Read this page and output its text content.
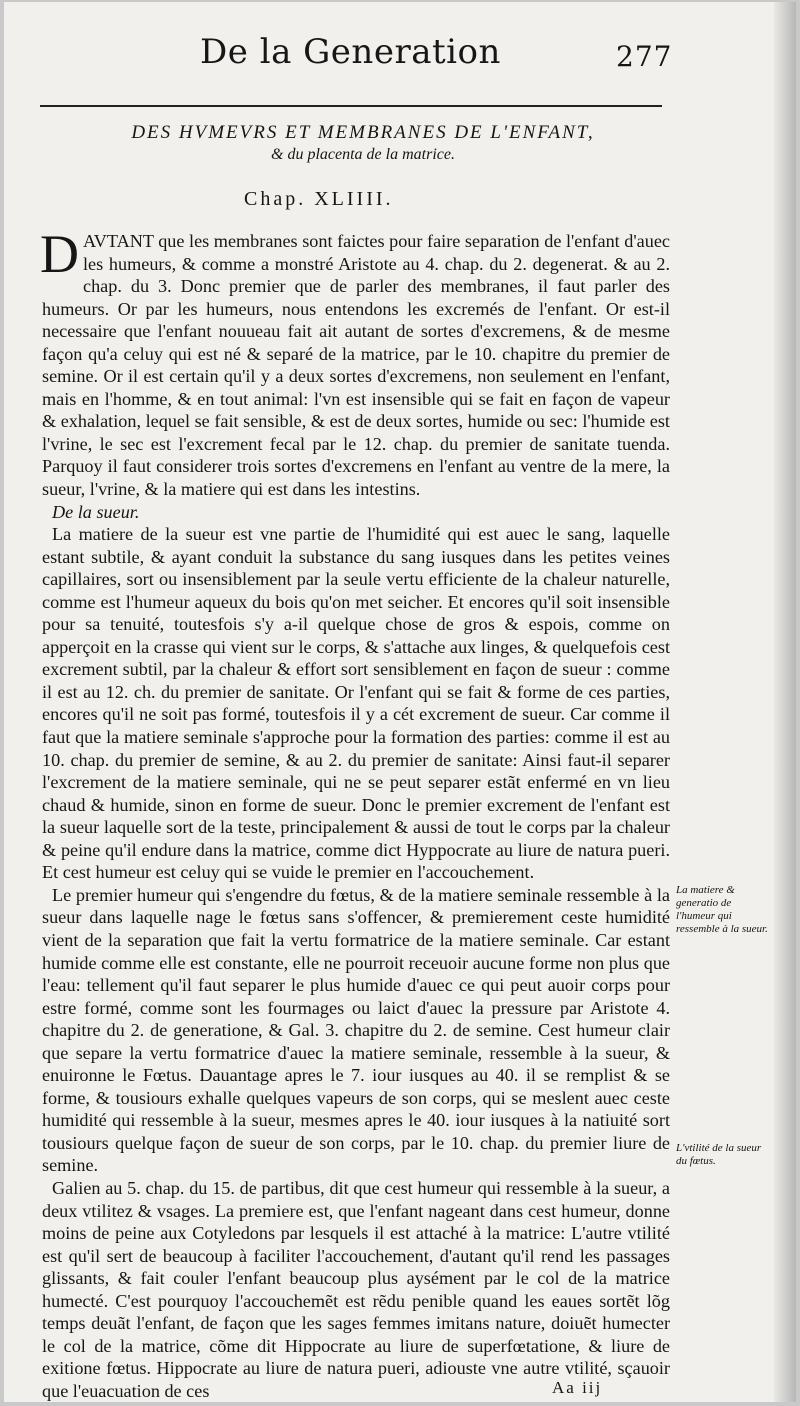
De la Generation	277
DES HVMEVRS ET MEMBRANES DE L'ENFANT,
& du placenta de la matrice.
Chap. XLIIII.

DAVTANT que les membranes sont faictes pour faire separation de l'enfant d'auec les humeurs, & comme a monstré Aristote au 4. chap. du 2. degenerat. & au 2. chap. du 3. Donc premier que de parler des membranes, il faut parler des humeurs. Or par les humeurs, nous entendons les excremés de l'enfant. Or est-il necessaire que l'enfant nouueau fait ait autant de sortes d'excremens, & de mesme façon qu'a celuy qui est né & separé de la matrice, par le 10. chapitre du premier de semine. Or il est certain qu'il y a deux sortes d'excremens, non seulement en l'enfant, mais en l'homme, & en tout animal: l'vn est insensible qui se fait en façon de vapeur & exhalation, lequel se fait sensible, & est de deux sortes, humide ou sec: l'humide est l'vrine, le sec est l'excrement fecal par le 12. chap. du premier de sanitate tuenda. Parquoy il faut considerer trois sortes d'excremens en l'enfant au ventre de la mere, la sueur, l'vrine, & la matiere qui est dans les intestins.

De la sueur.

La matiere de la sueur est vne partie de l'humidité qui est auec le sang, laquelle estant subtile, & ayant conduit la substance du sang iusques dans les petites veines capillaires, sort ou insensiblement par la seule vertu efficiente de la chaleur naturelle, comme est l'humeur aqueux du bois qu'on met seicher. Et encores qu'il soit insensible pour sa tenuité, toutesfois s'y a-il quelque chose de gros & espois, comme on apperçoit en la crasse qui vient sur le corps, & s'attache aux linges, & quelquefois cest excrement subtil, par la chaleur & effort sort sensiblement en façon de sueur : comme il est au 12. ch. du premier de sanitate. Or l'enfant qui se fait & forme de ces parties, encores qu'il ne soit pas formé, toutesfois il y a cét excrement de sueur. Car comme il faut que la matiere seminale s'approche pour la formation des parties: comme il est au 10. chap. du premier de semine, & au 2. du premier de sanitate: Ainsi faut-il separer l'excrement de la matiere seminale, qui ne se peut separer estãt enfermé en vn lieu chaud & humide, sinon en forme de sueur. Donc le premier excrement de l'enfant est la sueur laquelle sort de la teste, principalement & aussi de tout le corps par la chaleur & peine qu'il endure dans la matrice, comme dict Hyppocrate au liure de natura pueri. Et cest humeur est celuy qui se vuide le premier en l'accouchement.

Le premier humeur qui s'engendre du fœtus, & de la matiere seminale ressemble à la sueur dans laquelle nage le fœtus sans s'offencer, & premierement ceste humidité vient de la separation que fait la vertu formatrice de la matiere seminale. Car estant humide comme elle est constante, elle ne pourroit receuoir aucune forme non plus que l'eau: tellement qu'il faut separer le plus humide d'auec ce qui peut auoir corps pour estre formé, comme sont les fourmages ou laict d'auec la pressure par Aristote 4. chapitre du 2. de generatione, & Gal. 3. chapitre du 2. de semine. Cest humeur clair que separe la vertu formatrice d'auec la matiere seminale, ressemble à la sueur, & enuironne le Fœtus. Dauantage apres le 7. iour iusques au 40. il se remplist & se forme, & tousiours exhalle quelques vapeurs de son corps, qui se meslent auec ceste humidité qui ressemble à la sueur, mesmes apres le 40. iour iusques à la natiuité sort tousiours quelque façon de sueur de son corps, par le 10. chap. du premier liure de semine.

Galien au 5. chap. du 15. de partibus, dit que cest humeur qui ressemble à la sueur, a deux vtilitez & vsages. La premiere est, que l'enfant nageant dans cest humeur, donne moins de peine aux Cotyledons par lesquels il est attaché à la matrice: L'autre vtilité est qu'il sert de beaucoup à faciliter l'accouchement, d'autant qu'il rend les passages glissants, & fait couler l'enfant beaucoup plus aysément par le col de la matrice humecté. C'est pourquoy l'accouchemẽt est rẽdu penible quand les eaues sortẽt lõg temps deuãt l'enfant, de façon que les sages femmes imitans nature, doiuẽt humecter le col de la matrice, cõme dit Hippocrate au liure de superfœtatione, & liure de exitione fœtus. Hippocrate au liure de natura pueri, adiouste vne autre vtilité, sçauoir que l'euacuation de ces

La matiere & generatio de l'humeur qui ressemble à la sueur.
L'vtilité de la sueur du fœtus.
Aa iij
